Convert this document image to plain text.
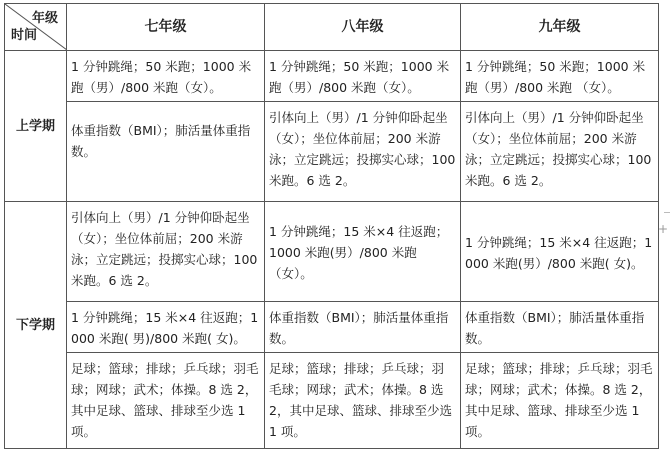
年级
时间	七年级	八年级	九年级
上学期	1 分钟跳绳；50 米跑；1000 米跑（男）/800 米跑（女）。	1 分钟跳绳；50 米跑；1000 米跑（男）/800 米跑（女）。	1 分钟跳绳；50 米跑；1000 米跑（男）/800 米跑 （女）。
	体重指数（BMI）；肺活量体重指数。	引体向上（男）/1 分钟仰卧起坐（女）；坐位体前屈；200 米游泳；立定跳远；投掷实心球；100 米跑。6 选 2。	引体向上（男）/1 分钟仰卧起坐（女）；坐位体前屈；200 米游泳；立定跳远；投掷实心球；100 米跑。6 选 2。
下学期	引体向上（男）/1 分钟仰卧起坐（女）；坐位体前屈；200 米游泳；立定跳远；投掷实心球；100 米跑。6 选 2。	1 分钟跳绳；15 米×4 往返跑；1000 米跑(男）/800 米跑（女）。	1 分钟跳绳；15 米×4 往返跑；1000 米跑(男）/800 米跑( 女)。
	1 分钟跳绳；15 米×4 往返跑；1000 米跑( 男)/800 米跑( 女)。	体重指数（BMI）；肺活量体重指数。	体重指数（BMI）；肺活量体重指数。
	足球；篮球；排球；乒乓球；羽毛球；网球；武术；体操。8 选 2，其中足球、篮球、排球至少选 1 项。	足球；篮球；排球；乒乓球；羽毛球；网球；武术；体操。8 选 2，其中足球、篮球、排球至少选 1 项。	足球；篮球；排球；乒乓球；羽毛球；网球；武术；体操。8 选 2，其中足球、篮球、排球至少选 1 项。
+
